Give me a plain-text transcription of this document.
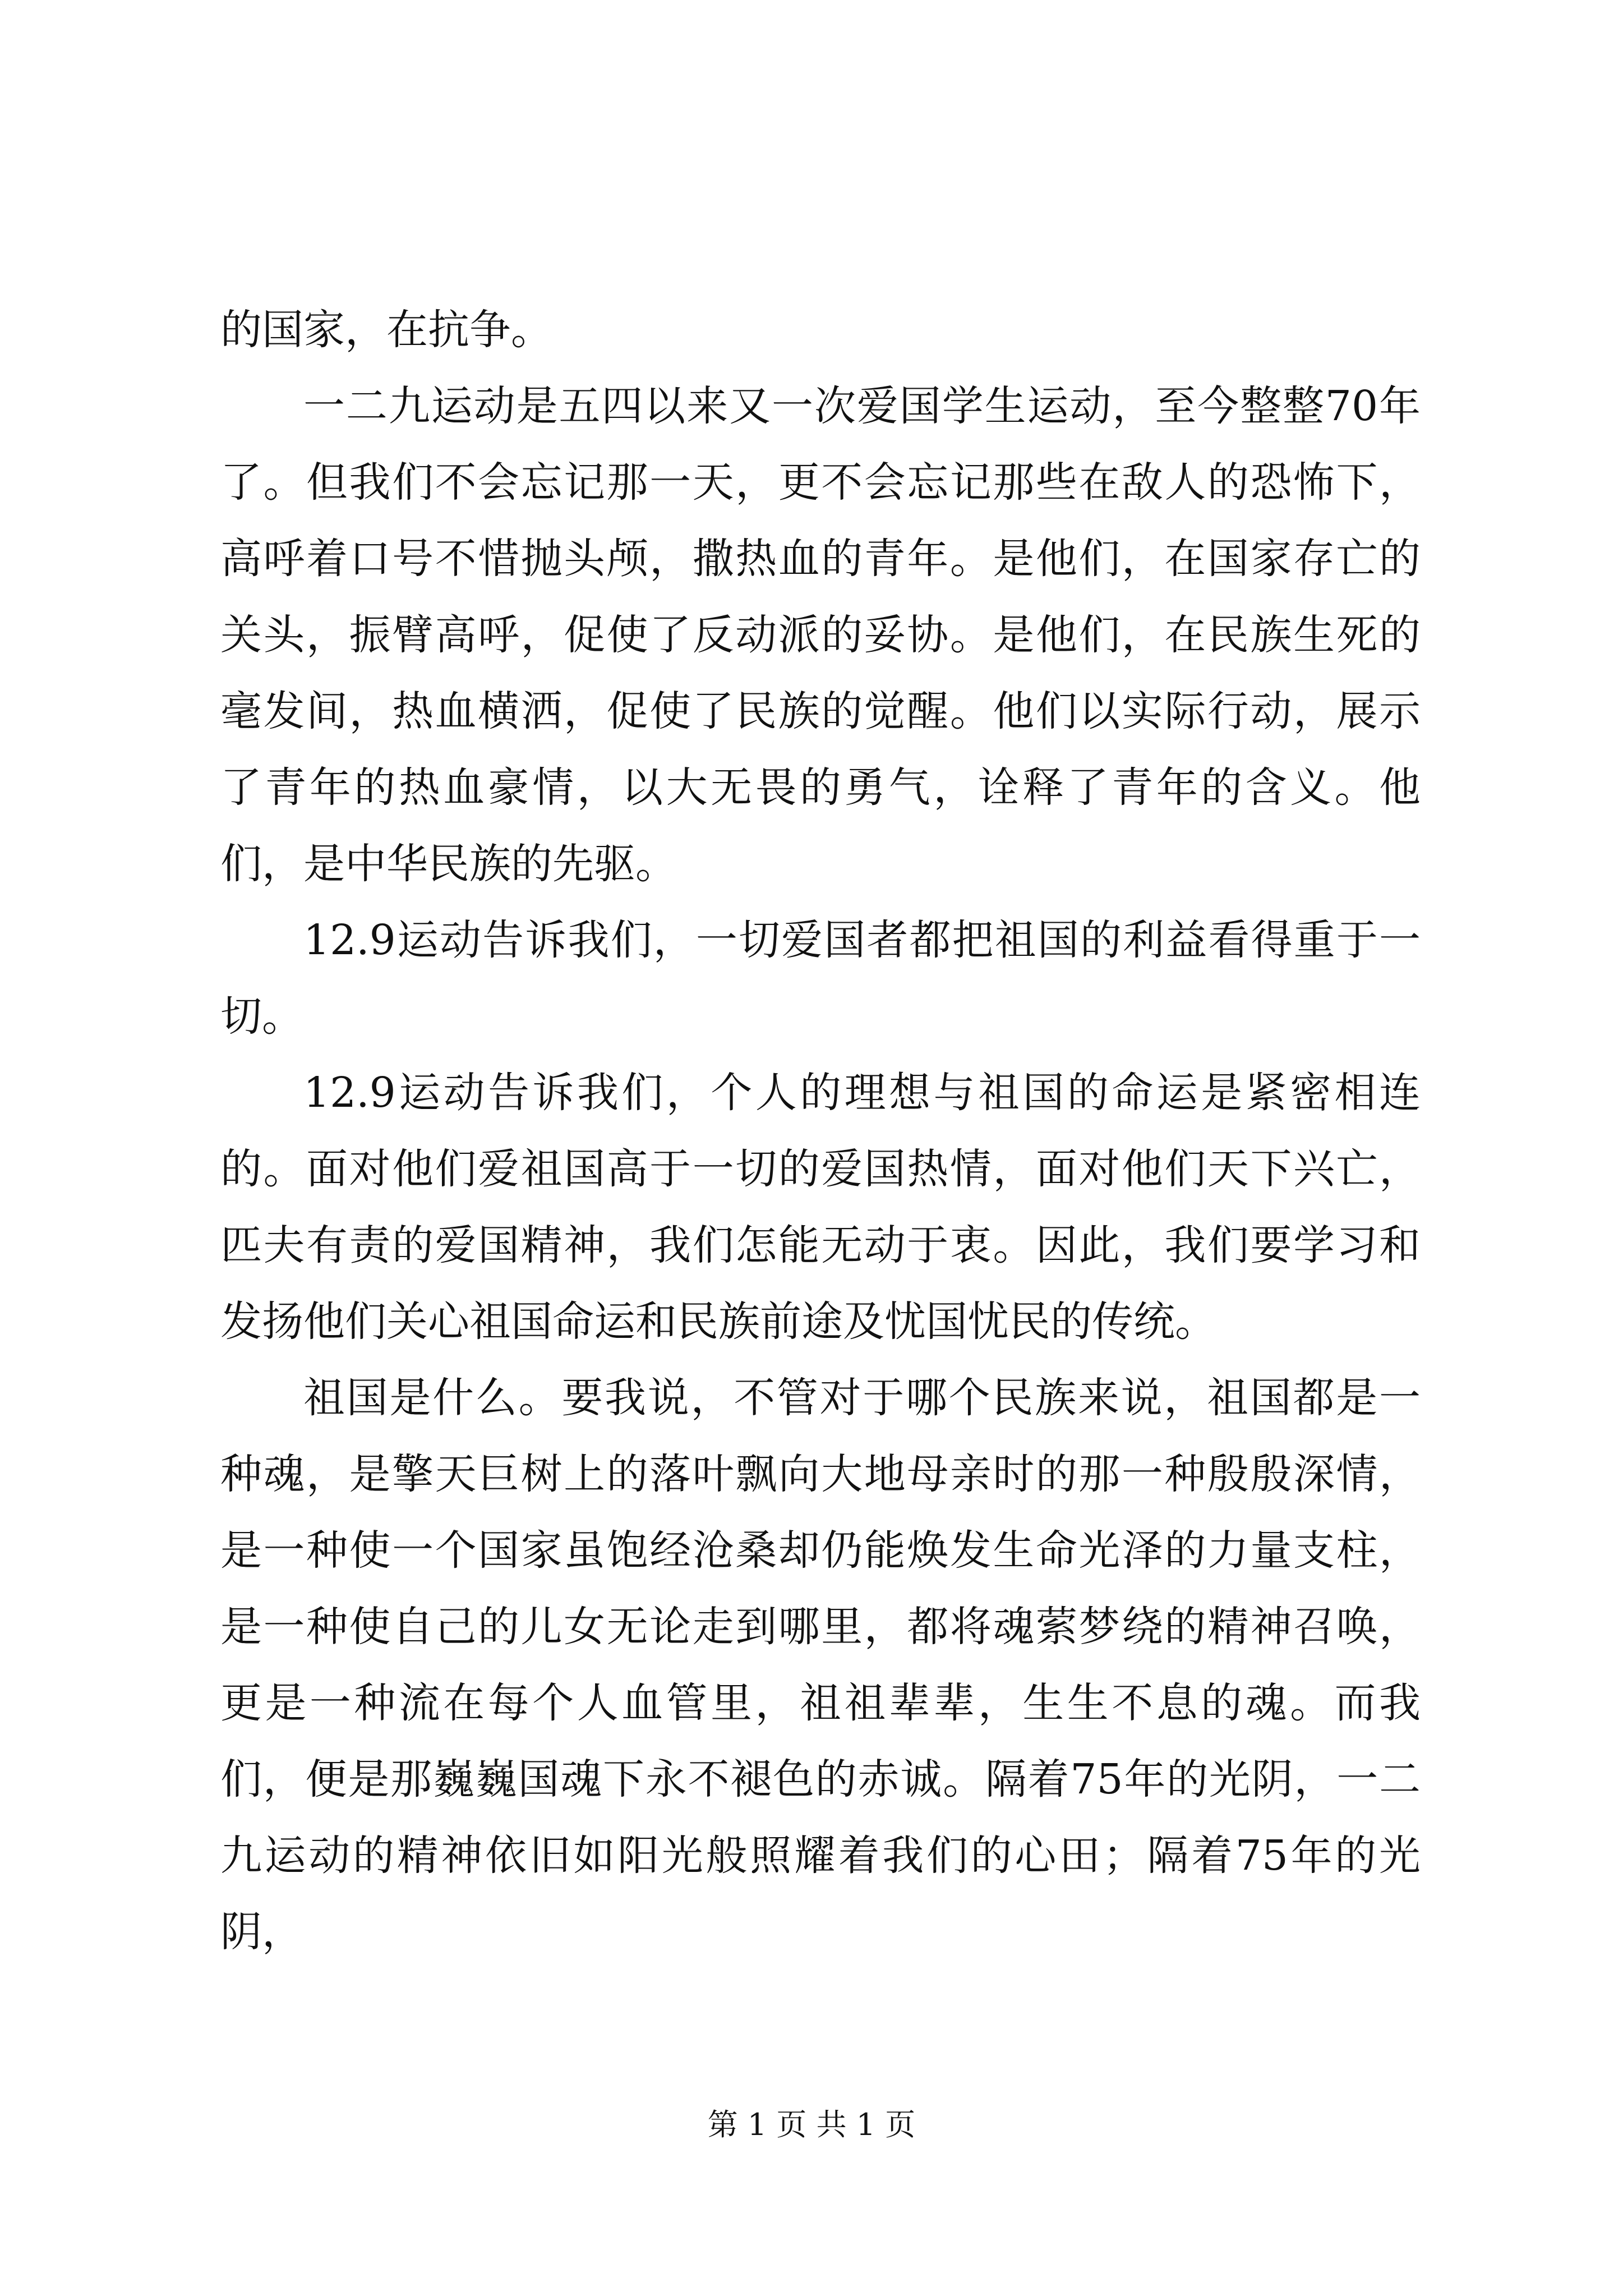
的国家，在抗争。

一二九运动是五四以来又一次爱国学生运动，至今整整70年了。但我们不会忘记那一天，更不会忘记那些在敌人的恐怖下，高呼着口号不惜抛头颅，撒热血的青年。是他们，在国家存亡的关头，振臂高呼，促使了反动派的妥协。是他们，在民族生死的毫发间，热血横洒，促使了民族的觉醒。他们以实际行动，展示了青年的热血豪情，以大无畏的勇气，诠释了青年的含义。他们，是中华民族的先驱。

12.9运动告诉我们，一切爱国者都把祖国的利益看得重于一切。

12.9运动告诉我们，个人的理想与祖国的命运是紧密相连的。面对他们爱祖国高于一切的爱国热情，面对他们天下兴亡，匹夫有责的爱国精神，我们怎能无动于衷。因此，我们要学习和发扬他们关心祖国命运和民族前途及忧国忧民的传统。

祖国是什么。要我说，不管对于哪个民族来说，祖国都是一种魂，是擎天巨树上的落叶飘向大地母亲时的那一种殷殷深情，是一种使一个国家虽饱经沧桑却仍能焕发生命光泽的力量支柱，是一种使自己的儿女无论走到哪里，都将魂萦梦绕的精神召唤，更是一种流在每个人血管里，祖祖辈辈，生生不息的魂。而我们，便是那巍巍国魂下永不褪色的赤诚。隔着75年的光阴，一二九运动的精神依旧如阳光般照耀着我们的心田；隔着75年的光阴，

第 1 页 共 1 页
